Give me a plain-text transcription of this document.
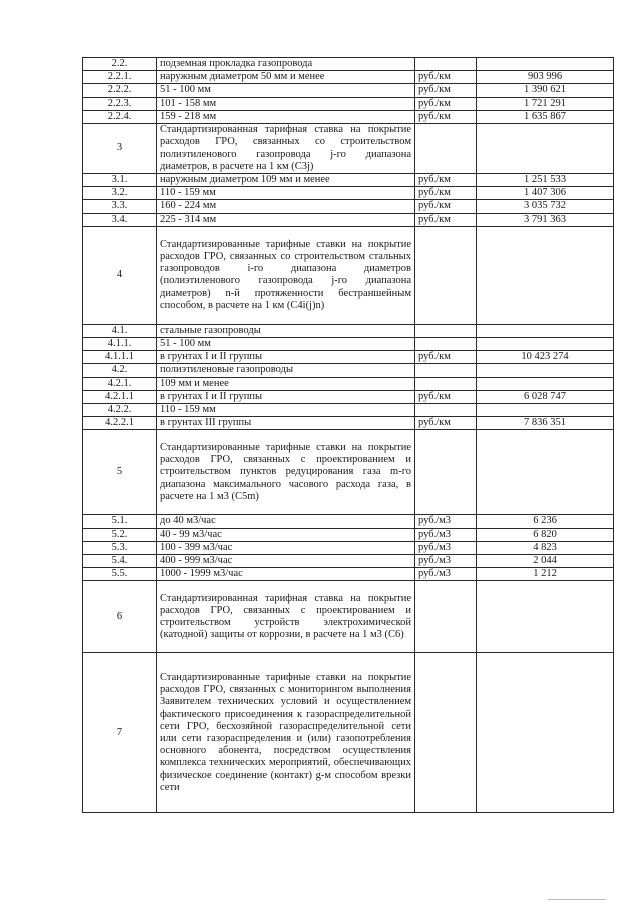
2.2.	подземная прокладка газопровода		
2.2.1.	наружным диаметром 50 мм и менее	руб./км	903 996
2.2.2.	51 - 100 мм	руб./км	1 390 621
2.2.3.	101 - 158 мм	руб./км	1 721 291
2.2.4.	159 - 218 мм	руб./км	1 635 867
3	Стандартизированная тарифная ставка на покрытие расходов ГРО, связанных со строительством полиэтиленового газопровода j-го диапазона диаметров, в расчете на 1 км (C3j)		
3.1.	наружным диаметром 109 мм и менее	руб./км	1 251 533
3.2.	110 - 159 мм	руб./км	1 407 306
3.3.	160 - 224 мм	руб./км	3 035 732
3.4.	225 - 314 мм	руб./км	3 791 363
4	Стандартизированные тарифные ставки на покрытие расходов ГРО, связанных со строительством стальных газопроводов i-го диапазона диаметров (полиэтиленового газопровода j-го диапазона диаметров) n-й протяженности бестраншейным способом, в расчете на 1 км (C4i(j)n)		
4.1.	стальные газопроводы		
4.1.1.	51 - 100 мм		
4.1.1.1	в грунтах I и II группы	руб./км	10 423 274
4.2.	полиэтиленовые газопроводы		
4.2.1.	109 мм и менее		
4.2.1.1	в грунтах I и II группы	руб./км	6 028 747
4.2.2.	110 - 159 мм		
4.2.2.1	в грунтах III группы	руб./км	7 836 351
5	Стандартизированные тарифные ставки на покрытие расходов ГРО, связанных с проектированием и строительством пунктов редуцирования газа m-го диапазона максимального часового расхода газа, в расчете на 1 м3 (C5m)		
5.1.	до 40 м3/час	руб./м3	6 236
5.2.	40 - 99 м3/час	руб./м3	6 820
5.3.	100 - 399 м3/час	руб./м3	4 823
5.4.	400 - 999 м3/час	руб./м3	2 044
5.5.	1000 - 1999 м3/час	руб./м3	1 212
6	Стандартизированная тарифная ставка на покрытие расходов ГРО, связанных с проектированием и строительством устройств электрохимической (катодной) защиты от коррозии, в расчете на 1 м3 (C6)		
7	Стандартизированные тарифные ставки на покрытие расходов ГРО, связанных с мониторингом выполнения Заявителем технических условий и осуществлением фактического присоединения к газораспределительной сети ГРО, бесхозяйной газораспределительной сети или сети газораспределения и (или) газопотребления основного абонента, посредством осуществления комплекса технических мероприятий, обеспечивающих физическое соединение (контакт) g-м способом врезки сети		
